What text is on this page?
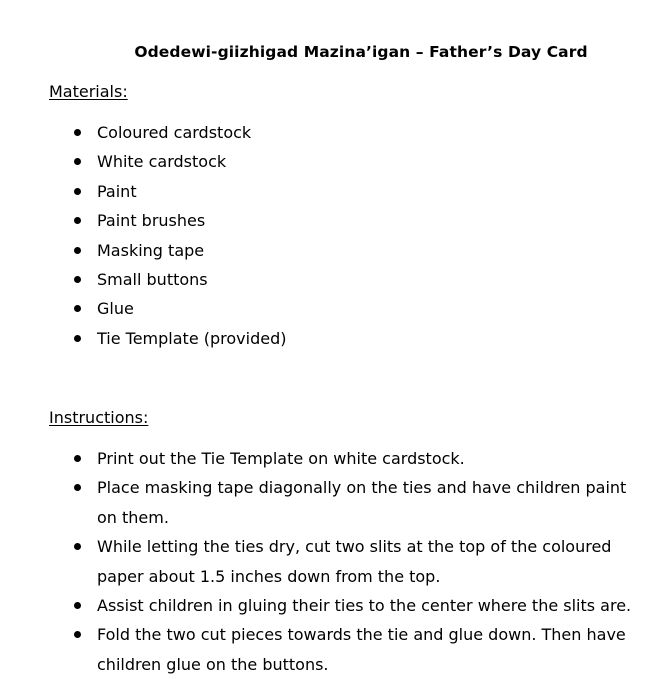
Odedewi-giizhigad Mazina’igan – Father’s Day Card
Materials:
Coloured cardstock
White cardstock
Paint
Paint brushes
Masking tape
Small buttons
Glue
Tie Template (provided)
Instructions:
Print out the Tie Template on white cardstock.
Place masking tape diagonally on the ties and have children paint on them.
While letting the ties dry, cut two slits at the top of the coloured paper about 1.5 inches down from the top.
Assist children in gluing their ties to the center where the slits are.
Fold the two cut pieces towards the tie and glue down. Then have children glue on the buttons.
